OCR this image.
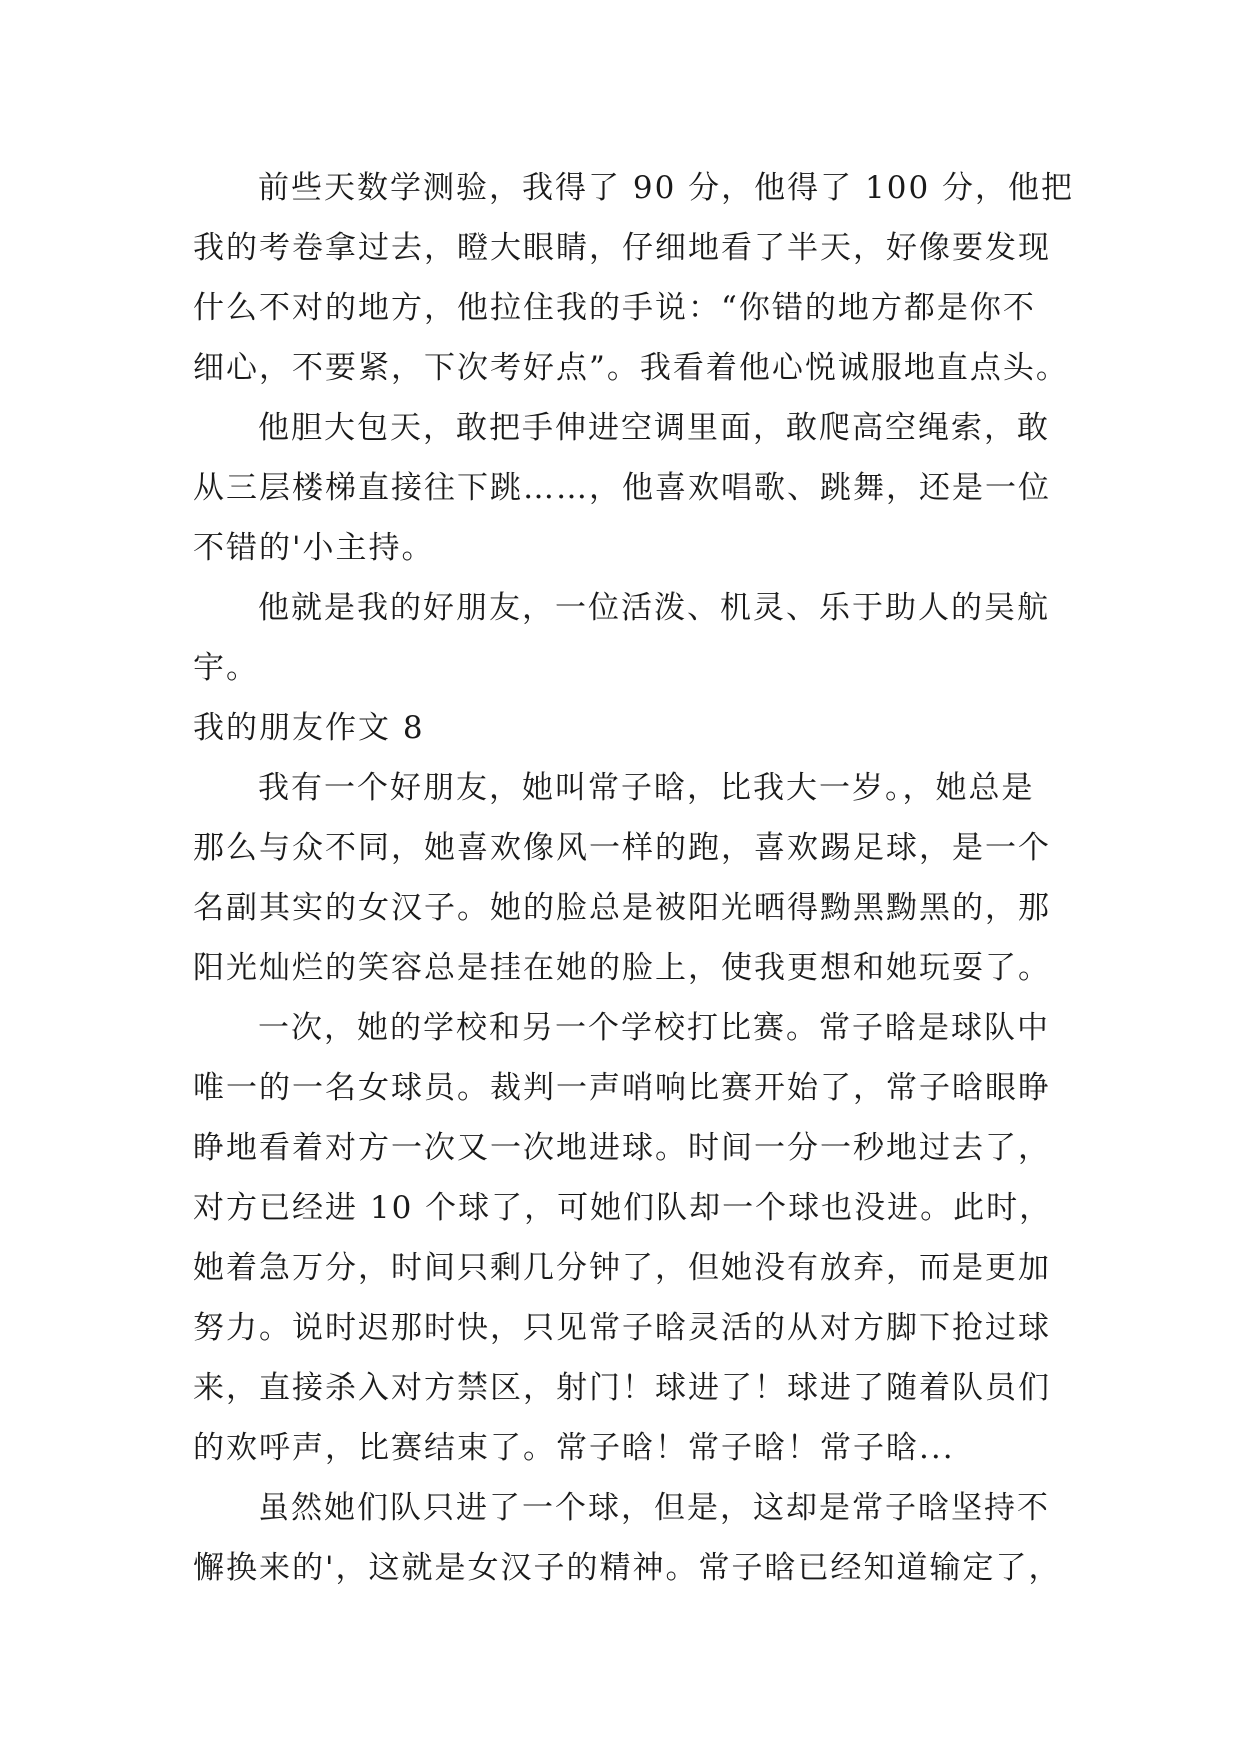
前些天数学测验，我得了 90 分，他得了 100 分，他把
我的考卷拿过去，瞪大眼睛，仔细地看了半天，好像要发现
什么不对的地方，他拉住我的手说：“你错的地方都是你不
细心，不要紧，下次考好点”。我看着他心悦诚服地直点头。
他胆大包天，敢把手伸进空调里面，敢爬高空绳索，敢
从三层楼梯直接往下跳……，他喜欢唱歌、跳舞，还是一位
不错的'小主持。
他就是我的好朋友，一位活泼、机灵、乐于助人的吴航
宇。
我的朋友作文 8
我有一个好朋友，她叫常子晗，比我大一岁。，她总是
那么与众不同，她喜欢像风一样的跑，喜欢踢足球，是一个
名副其实的女汉子。她的脸总是被阳光晒得黝黑黝黑的，那
阳光灿烂的笑容总是挂在她的脸上，使我更想和她玩耍了。
一次，她的学校和另一个学校打比赛。常子晗是球队中
唯一的一名女球员。裁判一声哨响比赛开始了，常子晗眼睁
睁地看着对方一次又一次地进球。时间一分一秒地过去了，
对方已经进 10 个球了，可她们队却一个球也没进。此时，
她着急万分，时间只剩几分钟了，但她没有放弃，而是更加
努力。说时迟那时快，只见常子晗灵活的从对方脚下抢过球
来，直接杀入对方禁区，射门！球进了！球进了随着队员们
的欢呼声，比赛结束了。常子晗！常子晗！常子晗...
虽然她们队只进了一个球，但是，这却是常子晗坚持不
懈换来的'，这就是女汉子的精神。常子晗已经知道输定了，
